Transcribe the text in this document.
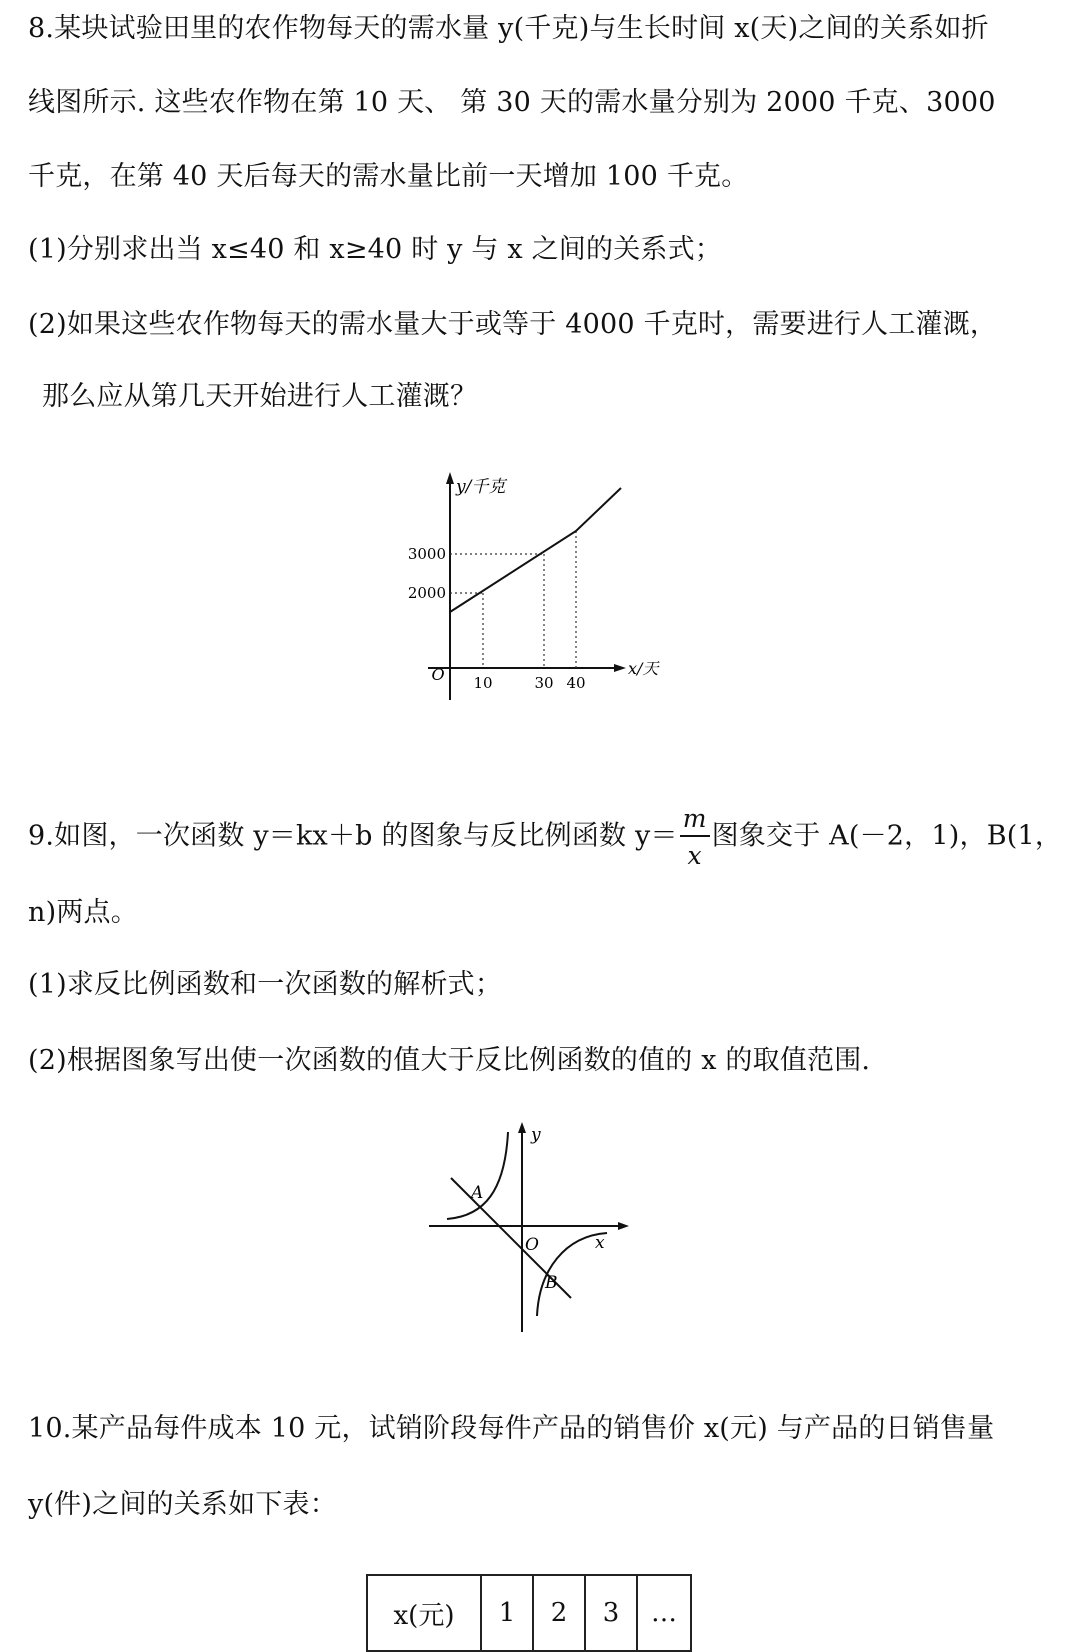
8.某块试验田里的农作物每天的需水量 y(千克)与生长时间 x(天)之间的关系如折
线图所示. 这些农作物在第 10 天、 第 30 天的需水量分别为 2000 千克、3000
千克，在第 40 天后每天的需水量比前一天增加 100 千克。
(1)分别求出当 x≤40 和 x≥40 时 y 与 x 之间的关系式；
(2)如果这些农作物每天的需水量大于或等于 4000 千克时，需要进行人工灌溉，
那么应从第几天开始进行人工灌溉？
y/千克
3000
2000
O 10	30 40
x/天
9.如图，一次函数 y＝kx＋b 的图象与反比例函数 $y= \frac{m}{x}$ 图象交于 A(－2，1)，B(1，
n)两点。
(1)求反比例函数和一次函数的解析式；
(2)根据图象写出使一次函数的值大于反比例函数的值的 x 的取值范围.
y
x
O
A
B
10.某产品每件成本 10 元，试销阶段每件产品的销售价 x(元) 与产品的日销售量
y(件)之间的关系如下表：
x(元)	1	2	3	…
